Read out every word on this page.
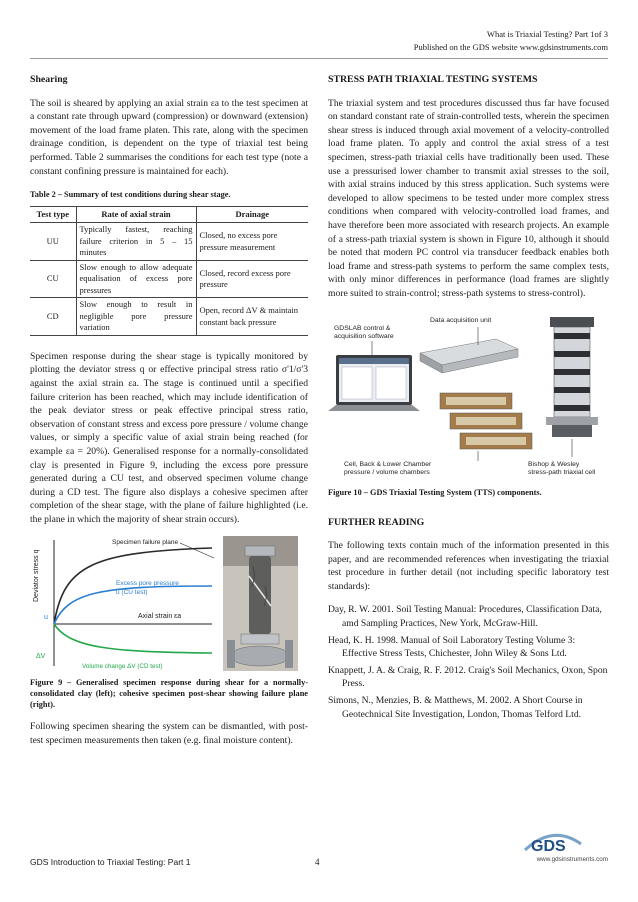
What is Triaxial Testing? Part 1of 3
Published on the GDS website www.gdsinstruments.com
Shearing

The soil is sheared by applying an axial strain εa to the test specimen at a constant rate through upward (compression) or downward (extension) movement of the load frame platen. This rate, along with the specimen drainage condition, is dependent on the type of triaxial test being performed. Table 2 summarises the conditions for each test type (note a constant confining pressure is maintained for each).

Table 2 – Summary of test conditions during shear stage.
Test type	Rate of axial strain	Drainage
UU	Typically fastest, reaching failure criterion in 5 – 15 minutes	Closed, no excess pore pressure measurement
CU	Slow enough to allow adequate equalisation of excess pore pressures	Closed, record excess pore pressure
CD	Slow enough to result in negligible pore pressure variation	Open, record ΔV & maintain constant back pressure

Specimen response during the shear stage is typically monitored by plotting the deviator stress q or effective principal stress ratio σ'1/σ'3 against the axial strain εa. The stage is continued until a specified failure criterion has been reached, which may include identification of the peak deviator stress or peak effective principal stress ratio, observation of constant stress and excess pore pressure / volume change values, or simply a specific value of axial strain being reached (for example εa = 20%). Generalised response for a normally-consolidated clay is presented in Figure 9, including the excess pore pressure generated during a CU test, and observed specimen volume change during a CD test. The figure also displays a cohesive specimen after completion of the shear stage, with the plane of failure highlighted (i.e. the plane in which the majority of shear strain occurs).

Deviator stress q
u
ΔV
Excess pore pressure
u (CU test)
Axial strain εa
Volume change ΔV (CD test)
Specimen failure plane
Figure 9 – Generalised specimen response during shear for a normally-consolidated clay (left); cohesive specimen post-shear showing failure plane (right).

Following specimen shearing the system can be dismantled, with post-test specimen measurements then taken (e.g. final moisture content).

STRESS PATH TRIAXIAL TESTING SYSTEMS

The triaxial system and test procedures discussed thus far have focused on standard constant rate of strain-controlled tests, wherein the specimen shear stress is induced through axial movement of a velocity-controlled load frame platen. To apply and control the axial stress of a test specimen, stress-path triaxial cells have traditionally been used. These use a pressurised lower chamber to transmit axial stresses to the soil, with axial strains induced by this stress application. Such systems were developed to allow specimens to be tested under more complex stress conditions when compared with velocity-controlled load frames, and have therefore been more associated with research projects. An example of a stress-path triaxial system is shown in Figure 10, although it should be noted that modern PC control via transducer feedback enables both load frame and stress-path systems to perform the same complex tests, with only minor differences in performance (load frames are slightly more suited to strain-control; stress-path systems to stress-control).

GDSLAB control &
acquisition software
Data acquisition unit
Cell, Back & Lower Chamber
pressure / volume chambers
Bishop & Wesley
stress-path triaxial cell
Figure 10 – GDS Triaxial Testing System (TTS) components.
FURTHER READING

The following texts contain much of the information presented in this paper, and are recommended references when investigating the triaxial test procedure in further detail (not including specific laboratory test standards):

Day, R. W. 2001. Soil Testing Manual: Procedures, Classification Data, amd Sampling Practices, New York, McGraw-Hill.
Head, K. H. 1998. Manual of Soil Laboratory Testing Volume 3: Effective Stress Tests, Chichester, John Wiley & Sons Ltd.
Knappett, J. A. & Craig, R. F. 2012. Craig's Soil Mechanics, Oxon, Spon Press.
Simons, N., Menzies, B. & Matthews, M. 2002. A Short Course in Geotechnical Site Investigation, London, Thomas Telford Ltd.
GDS Introduction to Triaxial Testing: Part 1	4
GDS
www.gdsinstruments.com
